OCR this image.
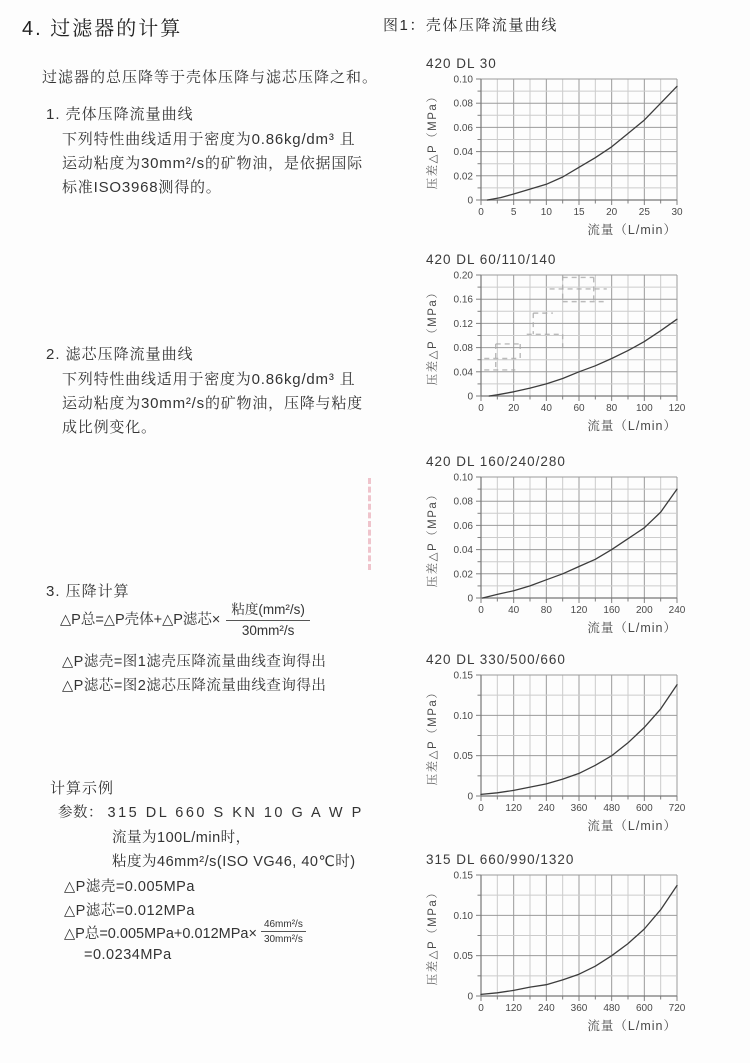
4. 过滤器的计算
过滤器的总压降等于壳体压降与滤芯压降之和。
1. 壳体压降流量曲线
下列特性曲线适用于密度为0.86kg/dm³ 且
运动粘度为30mm²/s的矿物油，是依据国际
标准ISO3968测得的。
2. 滤芯压降流量曲线
下列特性曲线适用于密度为0.86kg/dm³ 且
运动粘度为30mm²/s的矿物油，压降与粘度
成比例变化。
3. 压降计算
△P总=△P壳体+△P滤芯× $\frac{\text{粘度(mm²/s)}}{\text{30mm²/s}}$
△P滤壳=图1滤壳压降流量曲线查询得出
△P滤芯=图2滤芯压降流量曲线查询得出
计算示例
参数： 315 DL 660 S KN 10 G A W P
流量为100L/min时，
粘度为46mm²/s(ISO VG46, 40℃时)
△P滤壳=0.005MPa
△P滤芯=0.012MPa
△P总$=0.005MPa+0.012MPa\times \frac{\text{46mm²/s}}{\text{30mm²/s}}$
=0.0234MPa
图1：壳体压降流量曲线
420 DL 30
0
0.02
0.04
0.06
0.08
0.10
0	5 10 15 20 25 30
流量（L/min）
压差△P（MPa）
420 DL 60/110/140
0
0.04
0.08
0.12
0.16
0.20
0 20 40 60 80 100 120
流量（L/min）
压差△P（MPa）
420 DL 160/240/280
0
0.02
0.04
0.06
0.08
0.10
0 40 80 120 160 200 240
流量（L/min）
压差△P（MPa）
420 DL 330/500/660
0
0.05
0.10
0.15
0 120 240 360 480 600 720
流量（L/min）
压差△P（MPa）
315 DL 660/990/1320
0
0.05
0.10
0.15
0 120 240 360 480 600 720
流量（L/min）
压差△P（MPa）
